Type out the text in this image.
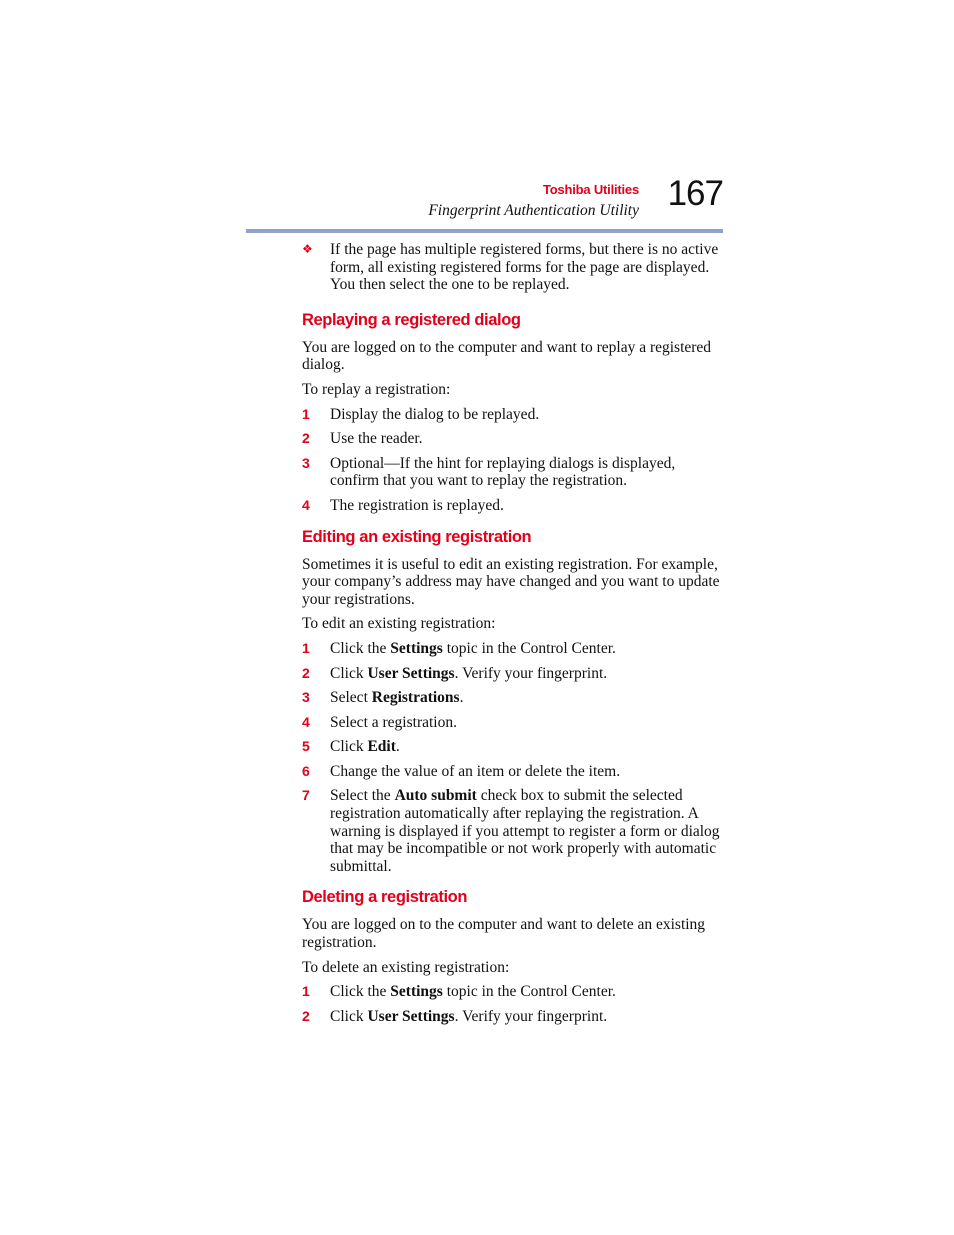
Toshiba Utilities
Fingerprint Authentication Utility 167
❖ If the page has multiple registered forms, but there is no active form, all existing registered forms for the page are displayed. You then select the one to be replayed.
Replaying a registered dialog

You are logged on to the computer and want to replay a registered dialog.

To replay a registration:

1 Display the dialog to be replayed.
2 Use the reader.
3 Optional—If the hint for replaying dialogs is displayed, confirm that you want to replay the registration.
4 The registration is replayed.
Editing an existing registration

Sometimes it is useful to edit an existing registration. For example, your company’s address may have changed and you want to update your registrations.

To edit an existing registration:

1 Click the Settings topic in the Control Center.
2 Click User Settings. Verify your fingerprint.
3 Select Registrations.
4 Select a registration.
5 Click Edit.
6 Change the value of an item or delete the item.
7 Select the Auto submit check box to submit the selected registration automatically after replaying the registration. A warning is displayed if you attempt to register a form or dialog that may be incompatible or not work properly with automatic submittal.
Deleting a registration

You are logged on to the computer and want to delete an existing registration.

To delete an existing registration:

1 Click the Settings topic in the Control Center.
2 Click User Settings. Verify your fingerprint.
